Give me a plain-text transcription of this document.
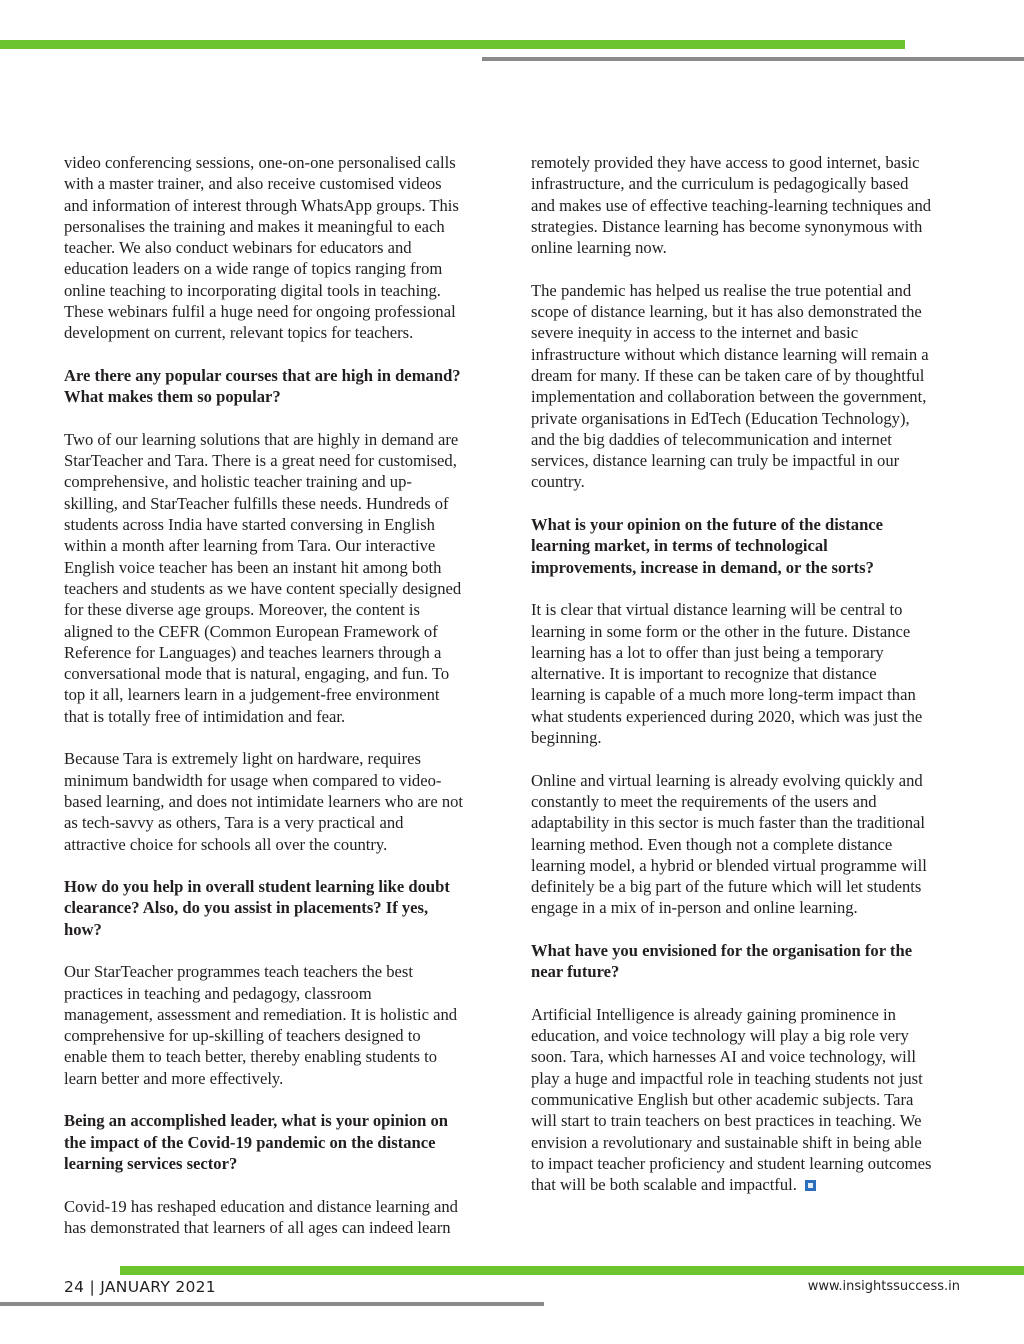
video conferencing sessions, one-on-one personalised calls
with a master trainer, and also receive customised videos
and information of interest through WhatsApp groups. This
personalises the training and makes it meaningful to each
teacher. We also conduct webinars for educators and
education leaders on a wide range of topics ranging from
online teaching to incorporating digital tools in teaching.
These webinars fulfil a huge need for ongoing professional
development on current, relevant topics for teachers.

Are there any popular courses that are high in demand?
What makes them so popular?

Two of our learning solutions that are highly in demand are
StarTeacher and Tara. There is a great need for customised,
comprehensive, and holistic teacher training and up-
skilling, and StarTeacher fulfills these needs. Hundreds of
students across India have started conversing in English
within a month after learning from Tara. Our interactive
English voice teacher has been an instant hit among both
teachers and students as we have content specially designed
for these diverse age groups. Moreover, the content is
aligned to the CEFR (Common European Framework of
Reference for Languages) and teaches learners through a
conversational mode that is natural, engaging, and fun. To
top it all, learners learn in a judgement-free environment
that is totally free of intimidation and fear.

Because Tara is extremely light on hardware, requires
minimum bandwidth for usage when compared to video-
based learning, and does not intimidate learners who are not
as tech-savvy as others, Tara is a very practical and
attractive choice for schools all over the country.

How do you help in overall student learning like doubt
clearance? Also, do you assist in placements? If yes,
how?

Our StarTeacher programmes teach teachers the best
practices in teaching and pedagogy, classroom
management, assessment and remediation. It is holistic and
comprehensive for up-skilling of teachers designed to
enable them to teach better, thereby enabling students to
learn better and more effectively.

Being an accomplished leader, what is your opinion on
the impact of the Covid-19 pandemic on the distance
learning services sector?

Covid-19 has reshaped education and distance learning and
has demonstrated that learners of all ages can indeed learn

remotely provided they have access to good internet, basic
infrastructure, and the curriculum is pedagogically based
and makes use of effective teaching-learning techniques and
strategies. Distance learning has become synonymous with
online learning now.

The pandemic has helped us realise the true potential and
scope of distance learning, but it has also demonstrated the
severe inequity in access to the internet and basic
infrastructure without which distance learning will remain a
dream for many. If these can be taken care of by thoughtful
implementation and collaboration between the government,
private organisations in EdTech (Education Technology),
and the big daddies of telecommunication and internet
services, distance learning can truly be impactful in our
country.

What is your opinion on the future of the distance
learning market, in terms of technological
improvements, increase in demand, or the sorts?

It is clear that virtual distance learning will be central to
learning in some form or the other in the future. Distance
learning has a lot to offer than just being a temporary
alternative. It is important to recognize that distance
learning is capable of a much more long-term impact than
what students experienced during 2020, which was just the
beginning.

Online and virtual learning is already evolving quickly and
constantly to meet the requirements of the users and
adaptability in this sector is much faster than the traditional
learning method. Even though not a complete distance
learning model, a hybrid or blended virtual programme will
definitely be a big part of the future which will let students
engage in a mix of in-person and online learning.

What have you envisioned for the organisation for the
near future?

Artificial Intelligence is already gaining prominence in
education, and voice technology will play a big role very
soon. Tara, which harnesses AI and voice technology, will
play a huge and impactful role in teaching students not just
communicative English but other academic subjects. Tara
will start to train teachers on best practices in teaching. We
envision a revolutionary and sustainable shift in being able
to impact teacher proficiency and student learning outcomes
that will be both scalable and impactful.

24 | JANUARY 2021	www.insightssuccess.in
